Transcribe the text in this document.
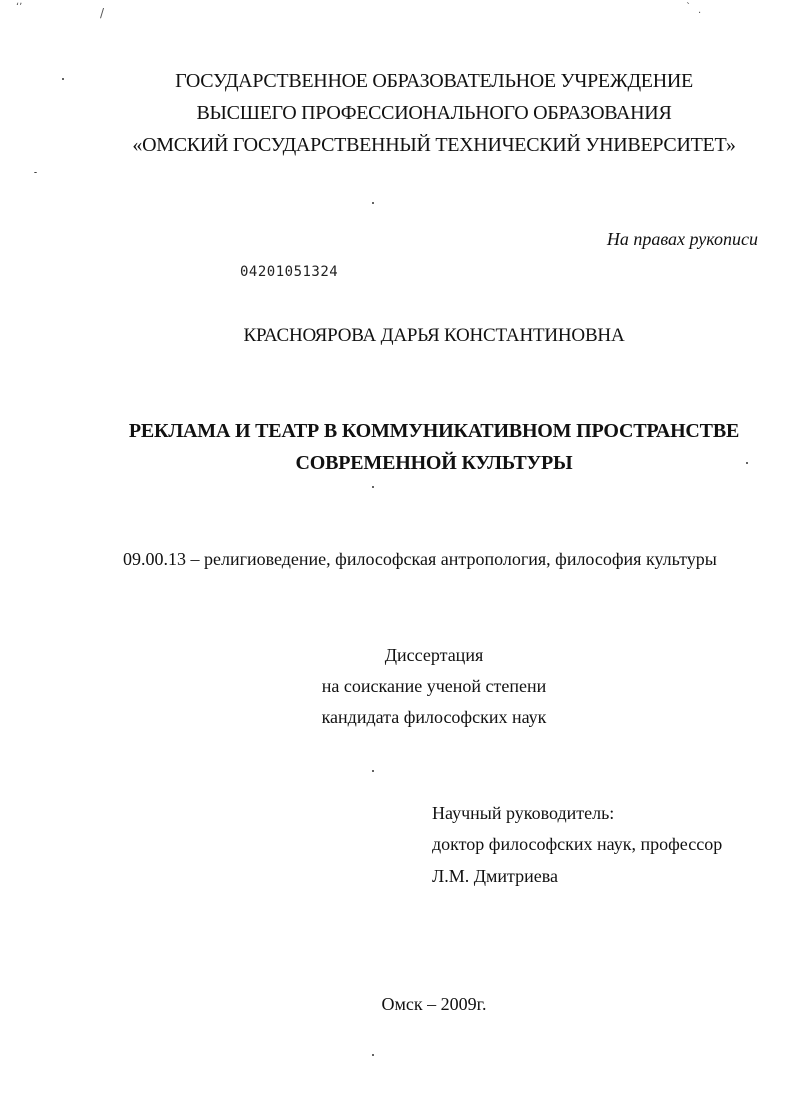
ʻʼ	/	`
·
ГОСУДАРСТВЕННОЕ ОБРАЗОВАТЕЛЬНОЕ УЧРЕЖДЕНИЕ
ВЫСШЕГО ПРОФЕССИОНАЛЬНОГО ОБРАЗОВАНИЯ
«ОМСКИЙ ГОСУДАРСТВЕННЫЙ ТЕХНИЧЕСКИЙ УНИВЕРСИТЕТ»
На правах рукописи
04201051324
КРАСНОЯРОВА ДАРЬЯ КОНСТАНТИНОВНА
РЕКЛАМА И ТЕАТР В КОММУНИКАТИВНОМ ПРОСТРАНСТВЕ
СОВРЕМЕННОЙ КУЛЬТУРЫ
09.00.13 – религиоведение, философская антропология, философия культуры
Диссертация
на соискание ученой степени
кандидата философских наук
Научный руководитель:
доктор философских наук, профессор
Л.М. Дмитриева
Омск – 2009г.
